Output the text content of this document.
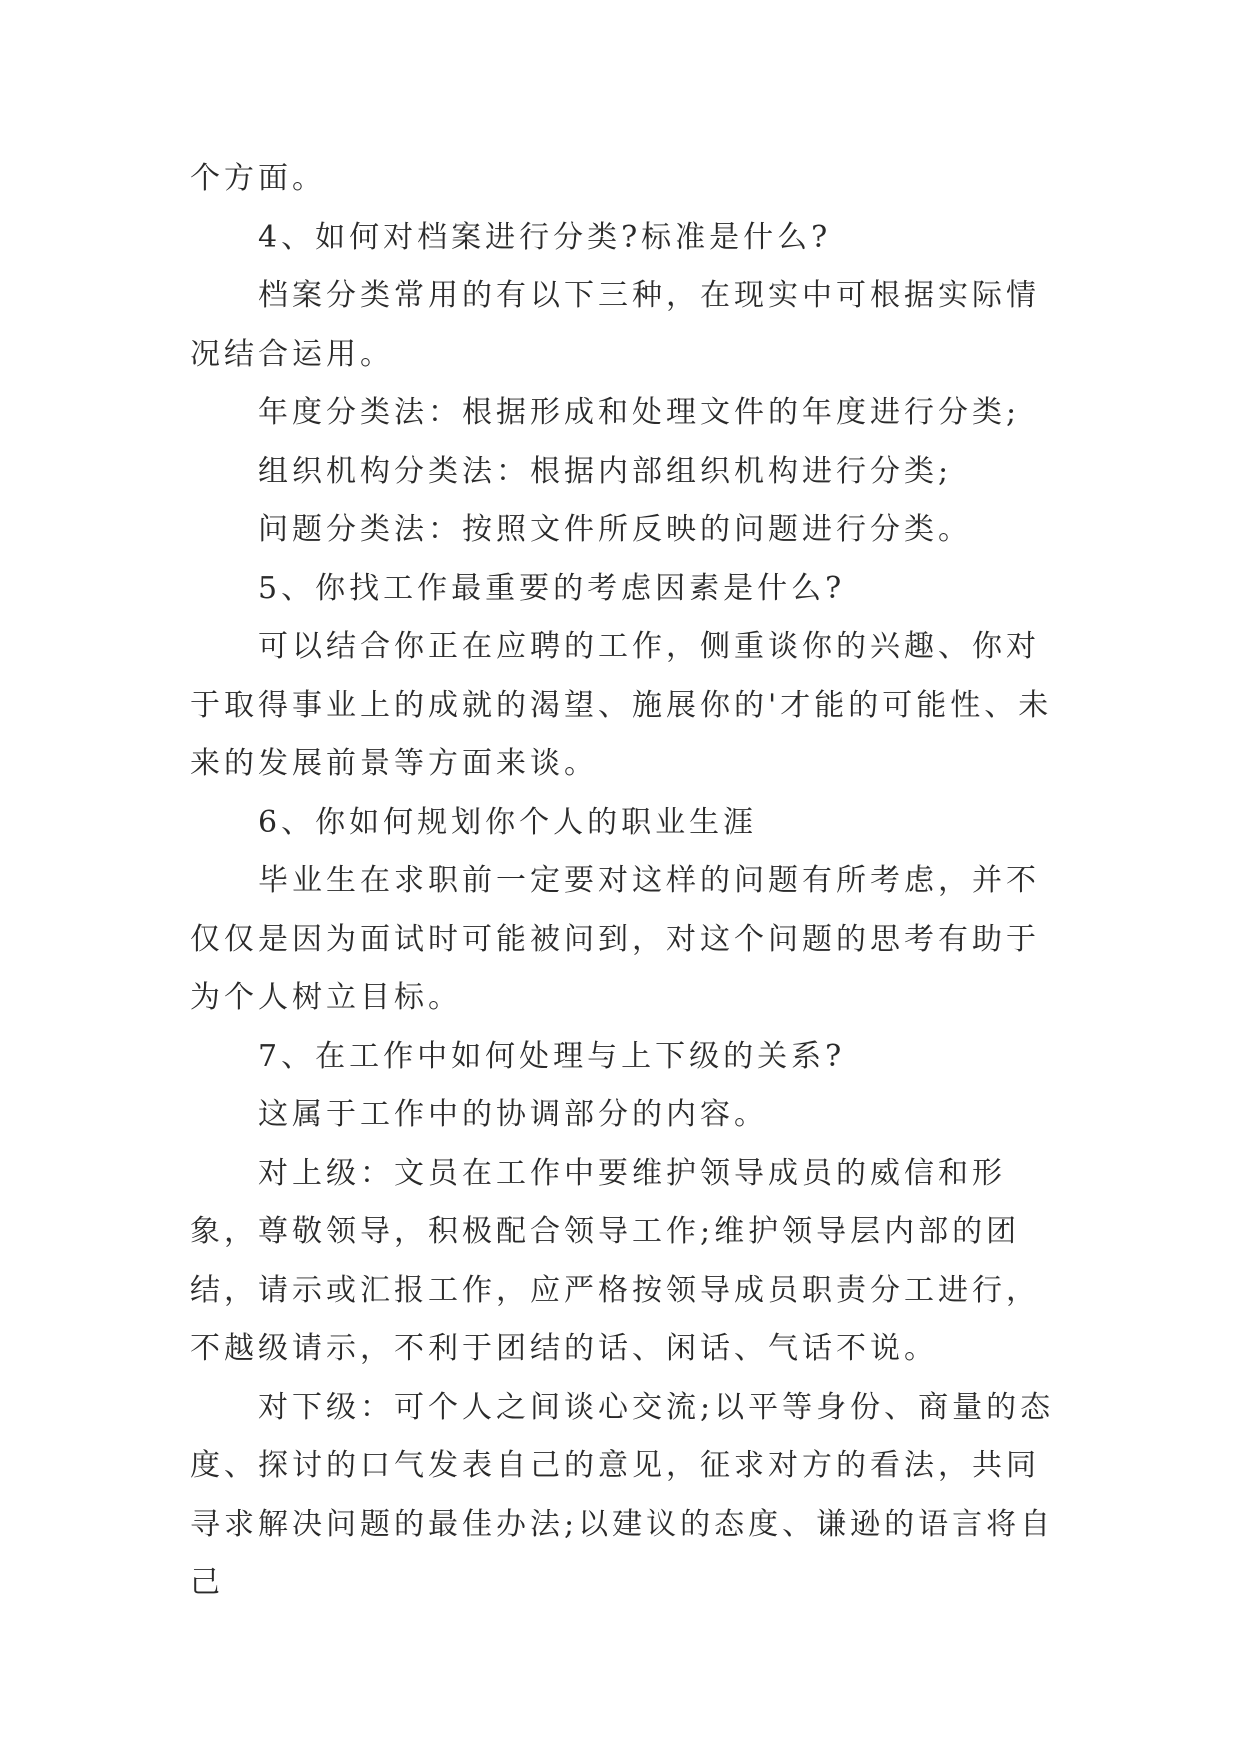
个方面。

4、如何对档案进行分类?标准是什么?

档案分类常用的有以下三种，在现实中可根据实际情况结合运用。

年度分类法：根据形成和处理文件的年度进行分类;

组织机构分类法：根据内部组织机构进行分类;

问题分类法：按照文件所反映的问题进行分类。

5、你找工作最重要的考虑因素是什么?

可以结合你正在应聘的工作，侧重谈你的兴趣、你对于取得事业上的成就的渴望、施展你的'才能的可能性、未来的发展前景等方面来谈。

6、你如何规划你个人的职业生涯

毕业生在求职前一定要对这样的问题有所考虑，并不仅仅是因为面试时可能被问到，对这个问题的思考有助于为个人树立目标。

7、在工作中如何处理与上下级的关系?

这属于工作中的协调部分的内容。

对上级：文员在工作中要维护领导成员的威信和形象，尊敬领导，积极配合领导工作;维护领导层内部的团结，请示或汇报工作，应严格按领导成员职责分工进行，不越级请示，不利于团结的话、闲话、气话不说。

对下级：可个人之间谈心交流;以平等身份、商量的态度、探讨的口气发表自己的意见，征求对方的看法，共同寻求解决问题的最佳办法;以建议的态度、谦逊的语言将自己
